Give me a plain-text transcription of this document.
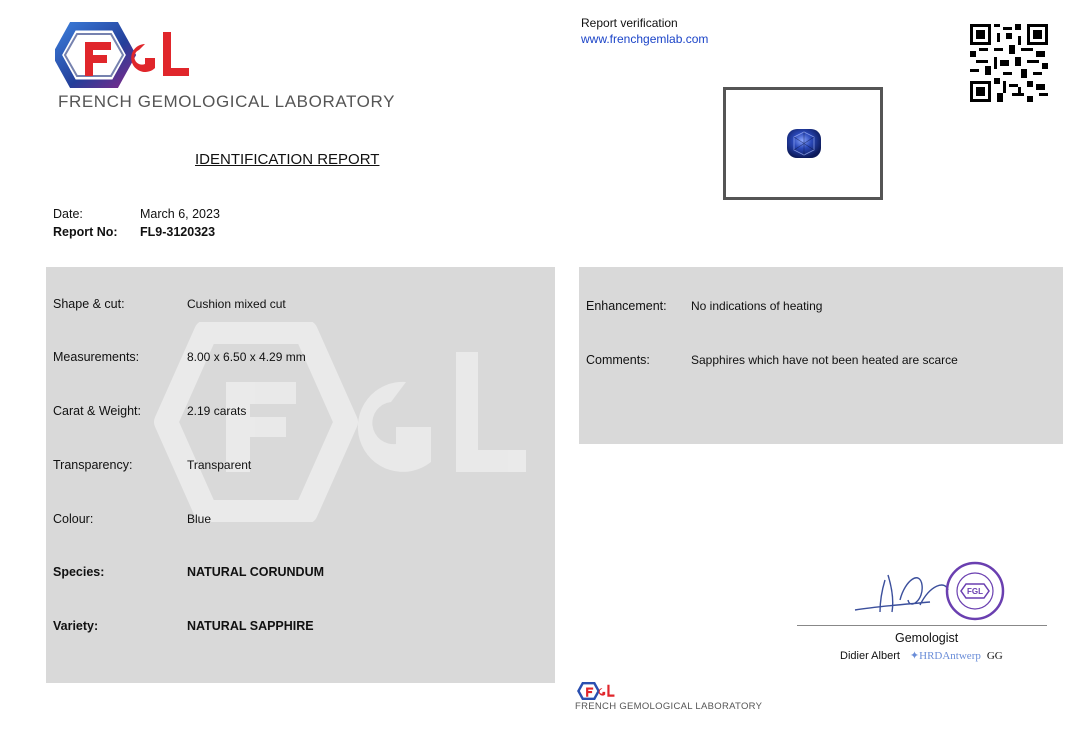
FRENCH GEMOLOGICAL LABORATORY
IDENTIFICATION REPORT
Report verification
www.frenchgemlab.com
Date:	March 6, 2023
Report No: FL9-3120323
Shape & cut:	Cushion mixed cut
Measurements:	8.00 x 6.50 x 4.29 mm
Carat & Weight:	2.19 carats
Transparency:	Transparent
Colour:	Blue
Species:	NATURAL CORUNDUM
Variety:	NATURAL SAPPHIRE
Enhancement: No indications of heating
Comments:	Sapphires which have not been heated are scarce
FGL
Gemologist
Didier Albert ✦HRDAntwerp GG
FRENCH GEMOLOGICAL LABORATORY
